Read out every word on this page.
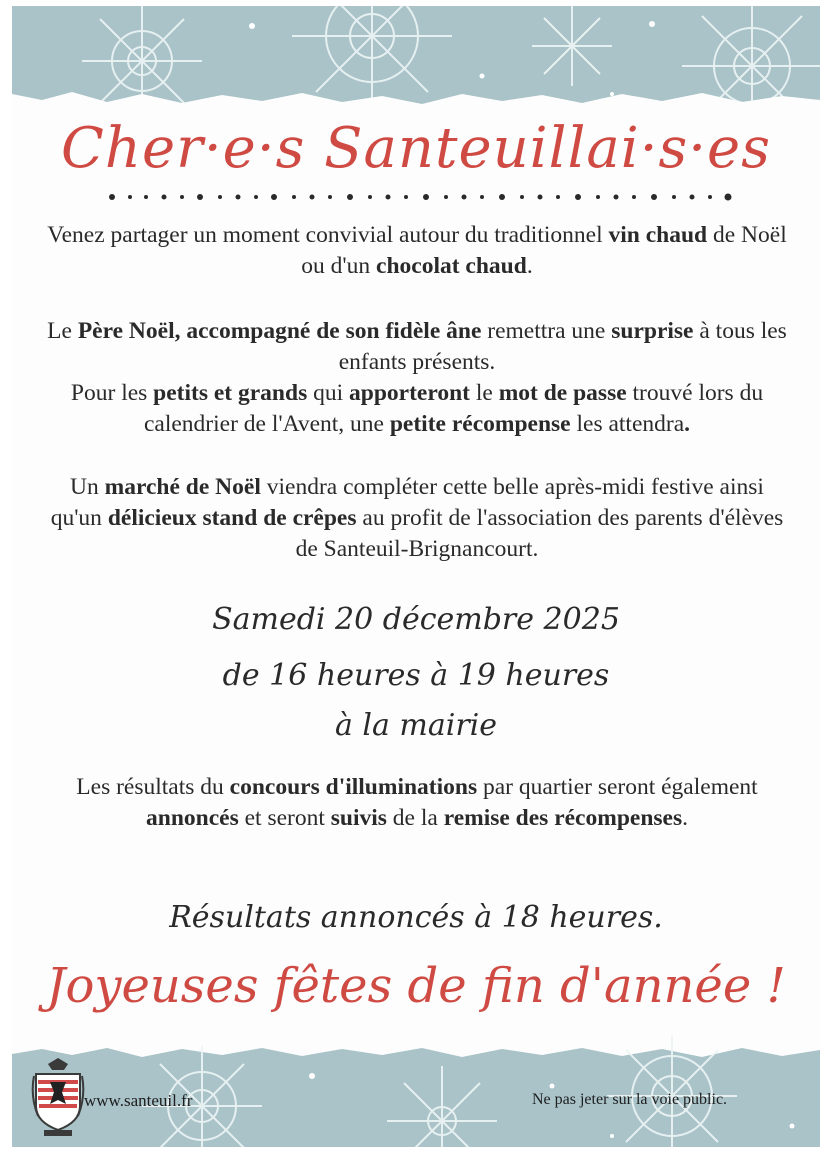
Cher·e·s Santeuillai·s·es
Venez partager un moment convivial autour du traditionnel vin chaud de Noël ou d'un chocolat chaud.
Le Père Noël, accompagné de son fidèle âne remettra une surprise à tous les enfants présents.
Pour les petits et grands qui apporteront le mot de passe trouvé lors du calendrier de l'Avent, une petite récompense les attendra.
Un marché de Noël viendra compléter cette belle après-midi festive ainsi qu'un délicieux stand de crêpes au profit de l'association des parents d'élèves de Santeuil-Brignancourt.
Samedi 20 décembre 2025
de 16 heures à 19 heures
à la mairie
Les résultats du concours d'illuminations par quartier seront également annoncés et seront suivis de la remise des récompenses.
Résultats annoncés à 18 heures.
Joyeuses fêtes de fin d'année !
www.santeuil.fr	Ne pas jeter sur la voie public.
